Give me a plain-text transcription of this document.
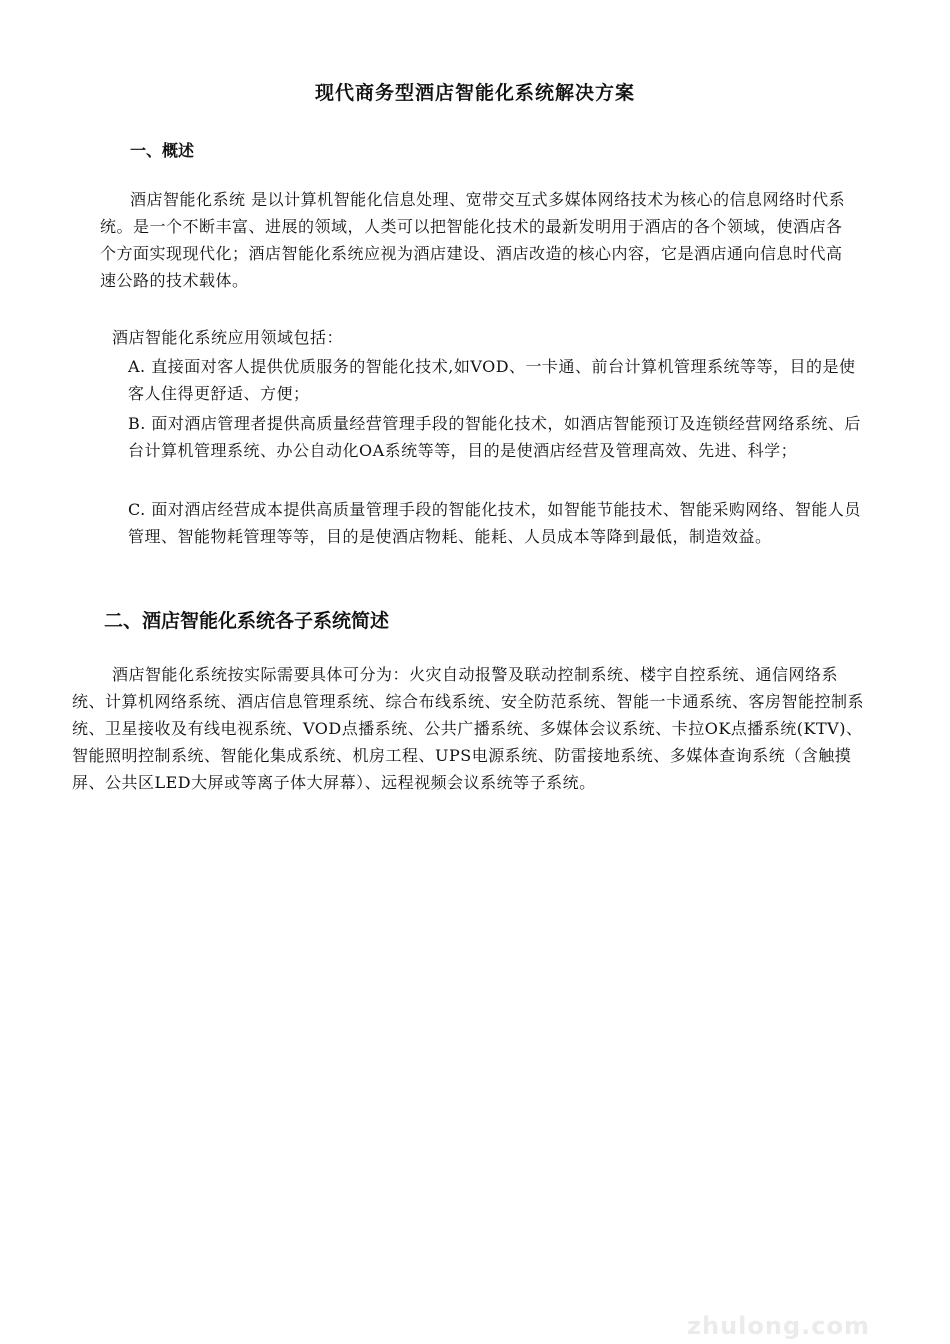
现代商务型酒店智能化系统解决方案
一、概述
酒店智能化系统 是以计算机智能化信息处理、宽带交互式多媒体网络技术为核心的信息网络时代系统。是一个不断丰富、进展的领域，人类可以把智能化技术的最新发明用于酒店的各个领域，使酒店各个方面实现现代化；酒店智能化系统应视为酒店建设、酒店改造的核心内容，它是酒店通向信息时代高速公路的技术载体。
酒店智能化系统应用领域包括：
A. 直接面对客人提供优质服务的智能化技术,如VOD、一卡通、前台计算机管理系统等等，目的是使客人住得更舒适、方便；
B. 面对酒店管理者提供高质量经营管理手段的智能化技术，如酒店智能预订及连锁经营网络系统、后台计算机管理系统、办公自动化OA系统等等，目的是使酒店经营及管理高效、先进、科学；
C. 面对酒店经营成本提供高质量管理手段的智能化技术，如智能节能技术、智能采购网络、智能人员管理、智能物耗管理等等，目的是使酒店物耗、能耗、人员成本等降到最低，制造效益。
二、酒店智能化系统各子系统简述
酒店智能化系统按实际需要具体可分为：火灾自动报警及联动控制系统、楼宇自控系统、通信网络系统、计算机网络系统、酒店信息管理系统、综合布线系统、安全防范系统、智能一卡通系统、客房智能控制系统、卫星接收及有线电视系统、VOD点播系统、公共广播系统、多媒体会议系统、卡拉OK点播系统(KTV)、智能照明控制系统、智能化集成系统、机房工程、UPS电源系统、防雷接地系统、多媒体查询系统（含触摸屏、公共区LED大屏或等离子体大屏幕）、远程视频会议系统等子系统。
zhulong.com
